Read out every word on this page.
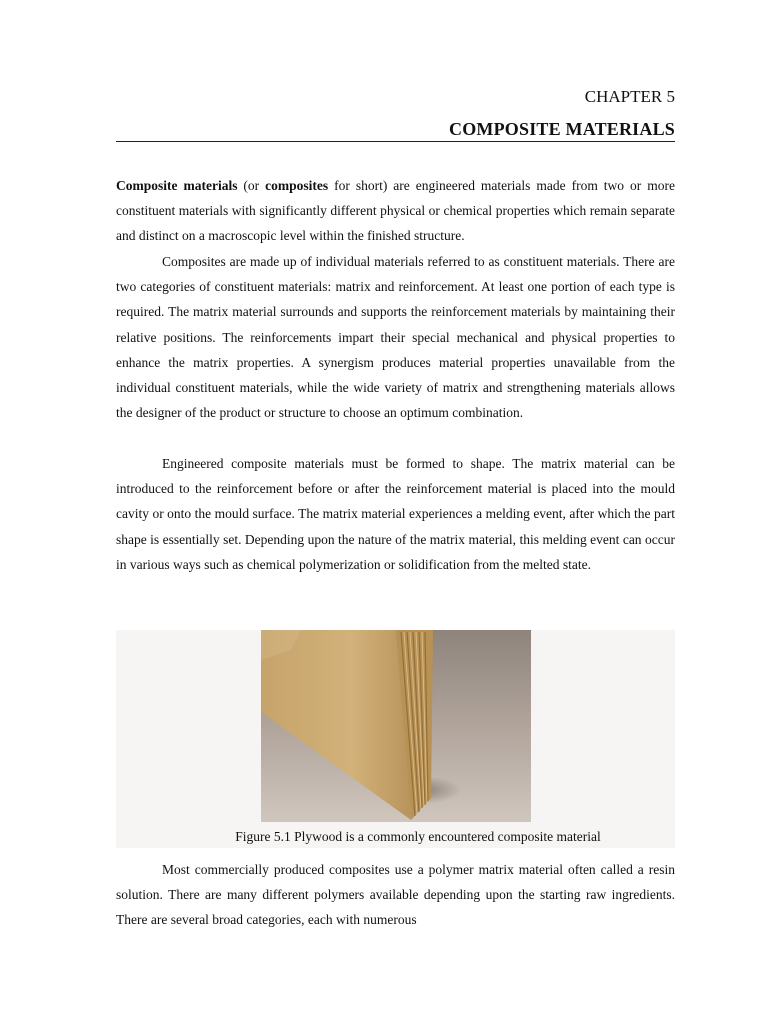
CHAPTER 5
COMPOSITE MATERIALS

Composite materials (or composites for short) are engineered materials made from two or more constituent materials with significantly different physical or chemical properties which remain separate and distinct on a macroscopic level within the finished structure.

Composites are made up of individual materials referred to as constituent materials. There are two categories of constituent materials: matrix and reinforcement. At least one portion of each type is required. The matrix material surrounds and supports the reinforcement materials by maintaining their relative positions. The reinforcements impart their special mechanical and physical properties to enhance the matrix properties. A synergism produces material properties unavailable from the individual constituent materials, while the wide variety of matrix and strengthening materials allows the designer of the product or structure to choose an optimum combination.

Engineered composite materials must be formed to shape. The matrix material can be introduced to the reinforcement before or after the reinforcement material is placed into the mould cavity or onto the mould surface. The matrix material experiences a melding event, after which the part shape is essentially set. Depending upon the nature of the matrix material, this melding event can occur in various ways such as chemical polymerization or solidification from the melted state.

Figure 5.1 Plywood is a commonly encountered composite material

Most commercially produced composites use a polymer matrix material often called a resin solution. There are many different polymers available depending upon the starting raw ingredients. There are several broad categories, each with numerous
